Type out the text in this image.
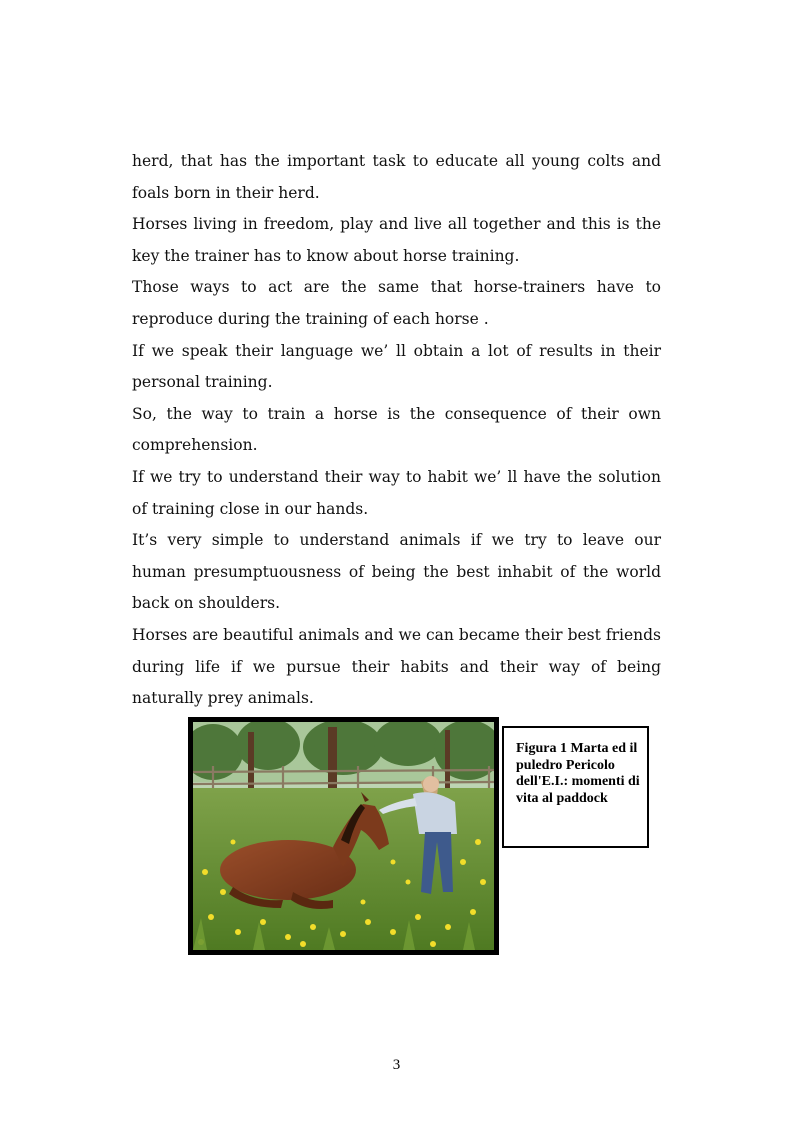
herd, that has the important task to educate all young colts and foals born in their herd.

Horses living in freedom, play and live all together and this is the key the trainer has to know about horse training.

Those ways to act are the same that horse-trainers have to reproduce during the training of each horse .

If we speak their language we’ ll obtain a lot of results in their personal training.

So, the way to train a horse is the consequence of their own comprehension.

If we try to understand their way to habit we’ ll have the solution of training close in our hands.

It’s very simple to understand animals if we try to leave our human presumptuousness of being the best inhabit of the world back on shoulders.

Horses are beautiful animals and we can became their best friends during life if we pursue their habits and their way of being naturally prey animals.

Figura 1 Marta ed il puledro Pericolo dell'E.I.: momenti di vita al paddock
3
